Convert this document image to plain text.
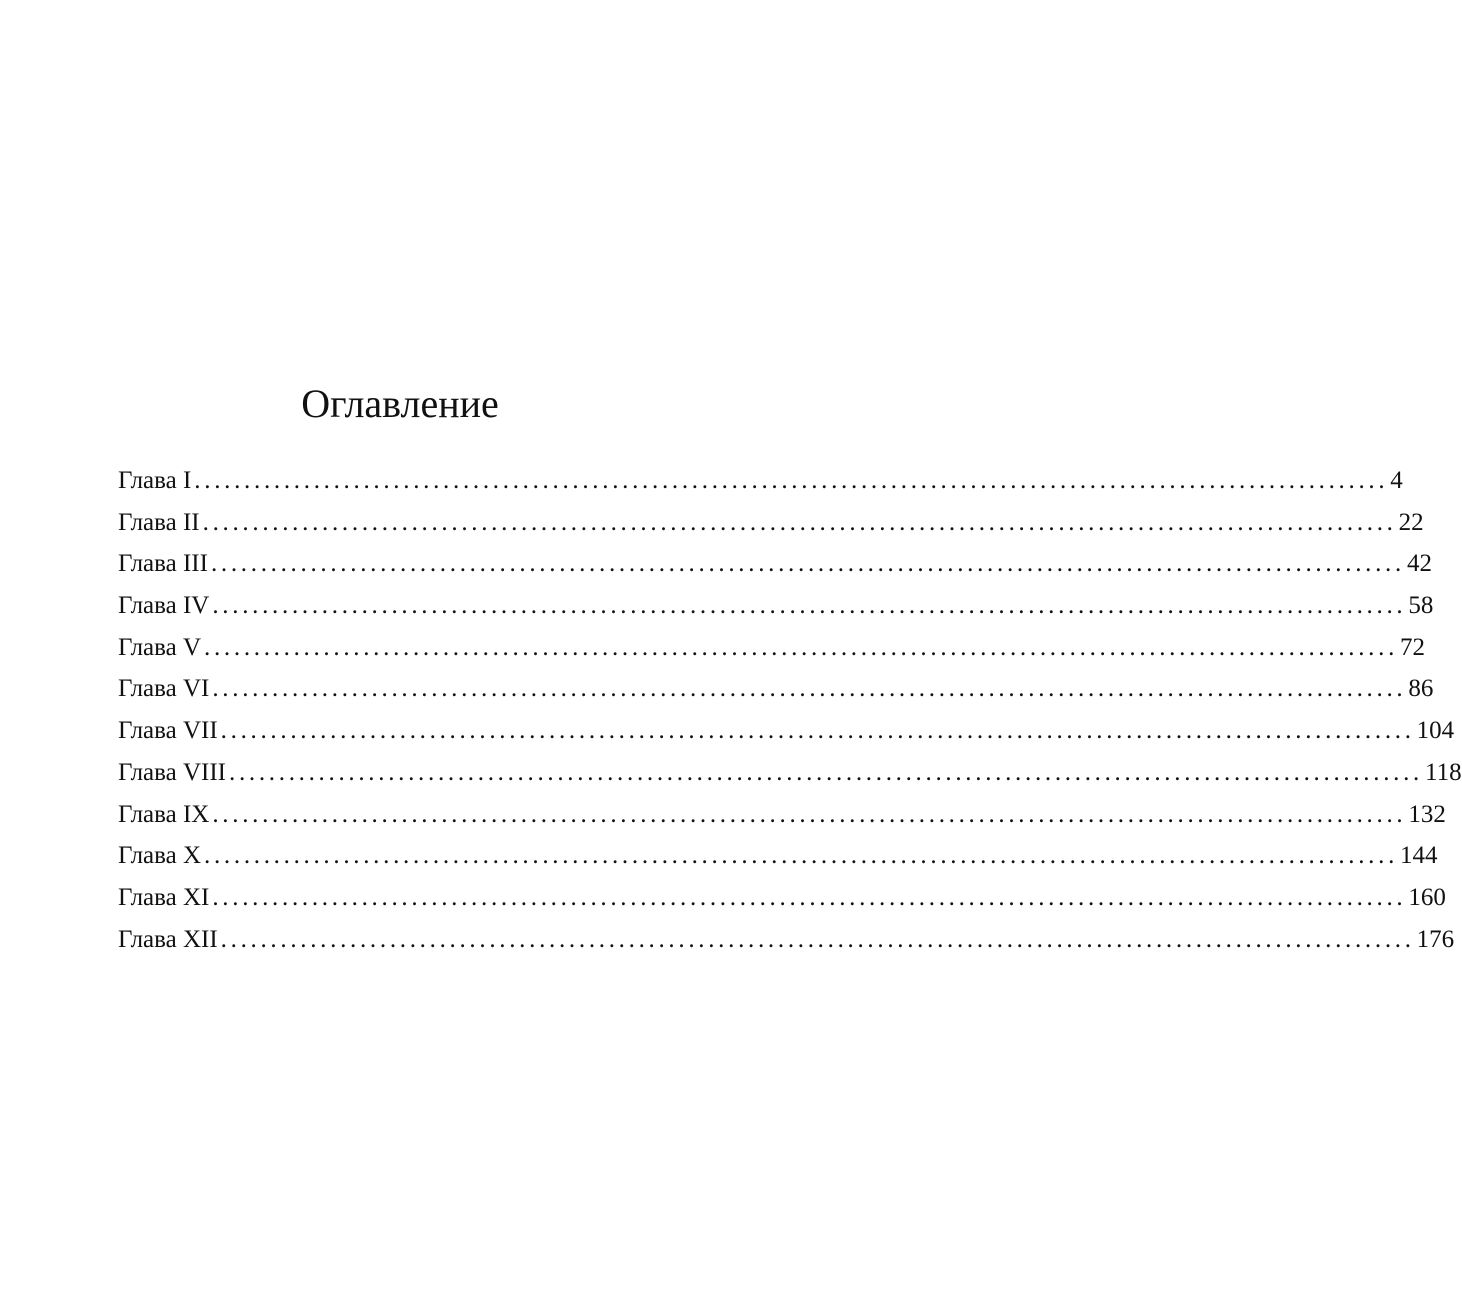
Оглавление
Глава I ........................................................................................................................ 4
Глава II ........................................................................................................................ 22
Глава III ........................................................................................................................ 42
Глава IV ........................................................................................................................ 58
Глава V ........................................................................................................................ 72
Глава VI ........................................................................................................................ 86
Глава VII ........................................................................................................................ 104
Глава VIII ........................................................................................................................ 118
Глава IX ........................................................................................................................ 132
Глава X ........................................................................................................................ 144
Глава XI ........................................................................................................................ 160
Глава XII ........................................................................................................................ 176
